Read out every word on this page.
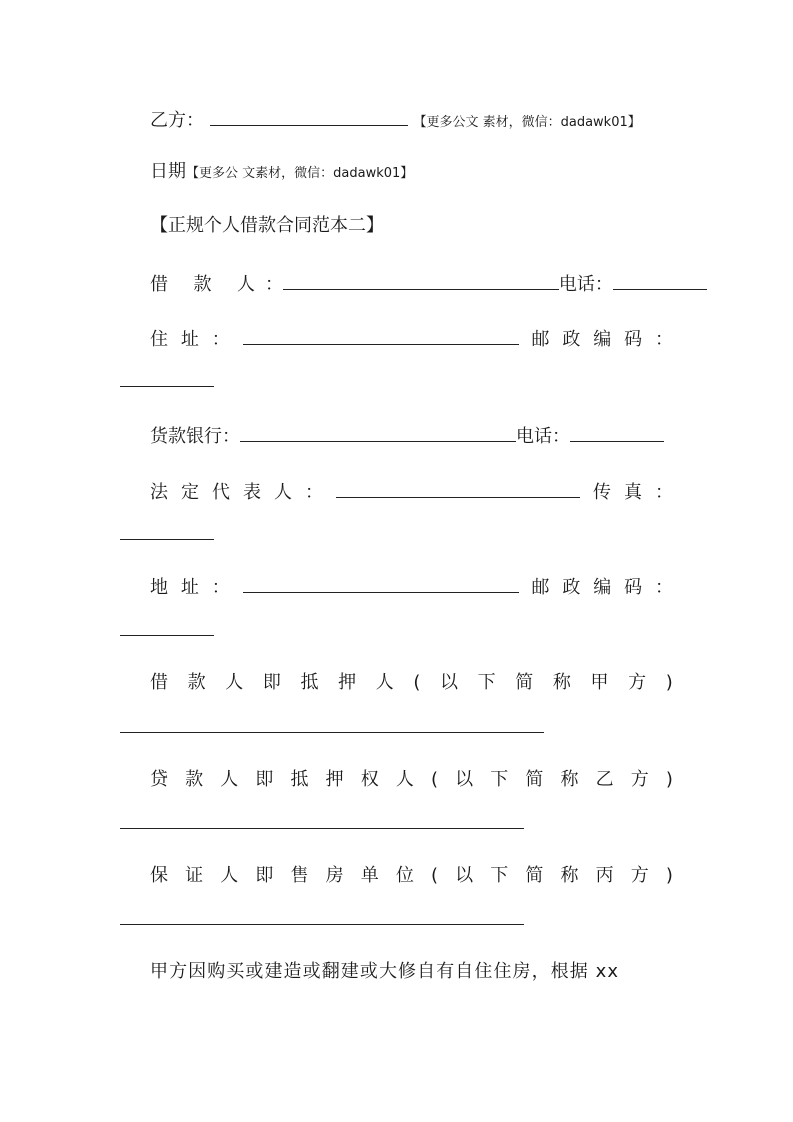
乙方：	【更多公文 素材，微信：dadawk01】
日期【更多公 文素材，微信：dadawk01】
【正规个人借款合同范本二】
借 款 人：	电话：
住 址 ：	邮 政 编 码 ：
货款银行：	电话：
法 定 代 表 人 ：	传 真 ：
地 址 ：	邮 政 编 码 ：
借 款 人 即 抵 押 人 ( 以 下 简 称 甲 方 )
贷 款 人 即 抵 押 权 人 ( 以 下 简 称 乙 方 )
保 证 人 即 售 房 单 位 ( 以 下 简 称 丙 方 )
甲方因购买或建造或翻建或大修自有自住住房，根据 xx
